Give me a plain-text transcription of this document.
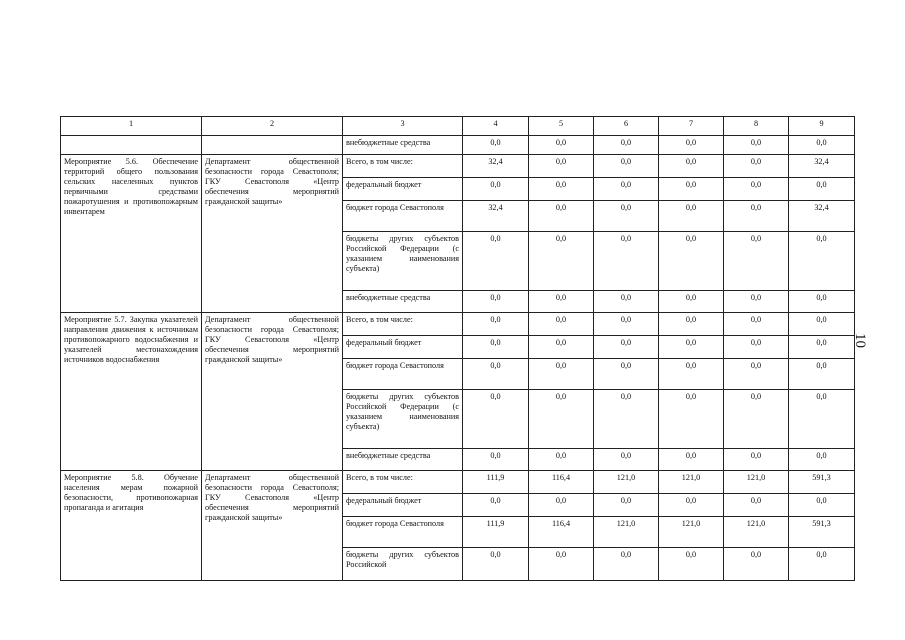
10
1	2	3	4	5	6	7	8	9
		внебюджетные средства	0,0	0,0	0,0	0,0	0,0	0,0
Мероприятие 5.6. Обеспечение территорий общего пользования сельских населенных пунктов первичными средствами пожаротушения и противопожарным инвентарем	Департамент общественной безопасности города Севастополя; ГКУ Севастополя «Центр обеспечения мероприятий гражданской защиты»	Всего, в том числе:	32,4	0,0	0,0	0,0	0,0	32,4
		федеральный бюджет	0,0	0,0	0,0	0,0	0,0	0,0
		бюджет города Севастополя	32,4	0,0	0,0	0,0	0,0	32,4
		бюджеты других субъектов Российской Федерации (с указанием наименования субъекта)	0,0	0,0	0,0	0,0	0,0	0,0
		внебюджетные средства	0,0	0,0	0,0	0,0	0,0	0,0
Мероприятие 5.7. Закупка указателей направления движения к источникам противопожарного водоснабжения и указателей местонахождения источников водоснабжения	Департамент общественной безопасности города Севастополя; ГКУ Севастополя «Центр обеспечения мероприятий гражданской защиты»	Всего, в том числе:	0,0	0,0	0,0	0,0	0,0	0,0
		федеральный бюджет	0,0	0,0	0,0	0,0	0,0	0,0
		бюджет города Севастополя	0,0	0,0	0,0	0,0	0,0	0,0
		бюджеты других субъектов Российской Федерации (с указанием наименования субъекта)	0,0	0,0	0,0	0,0	0,0	0,0
		внебюджетные средства	0,0	0,0	0,0	0,0	0,0	0,0
Мероприятие 5.8. Обучение населения мерам пожарной безопасности, противопожарная пропаганда и агитация	Департамент общественной безопасности города Севастополя; ГКУ Севастополя «Центр обеспечения мероприятий гражданской защиты»	Всего, в том числе:	111,9	116,4	121,0	121,0	121,0	591,3
		федеральный бюджет	0,0	0,0	0,0	0,0	0,0	0,0
		бюджет города Севастополя	111,9	116,4	121,0	121,0	121,0	591,3
		бюджеты других субъектов Российской	0,0	0,0	0,0	0,0	0,0	0,0
